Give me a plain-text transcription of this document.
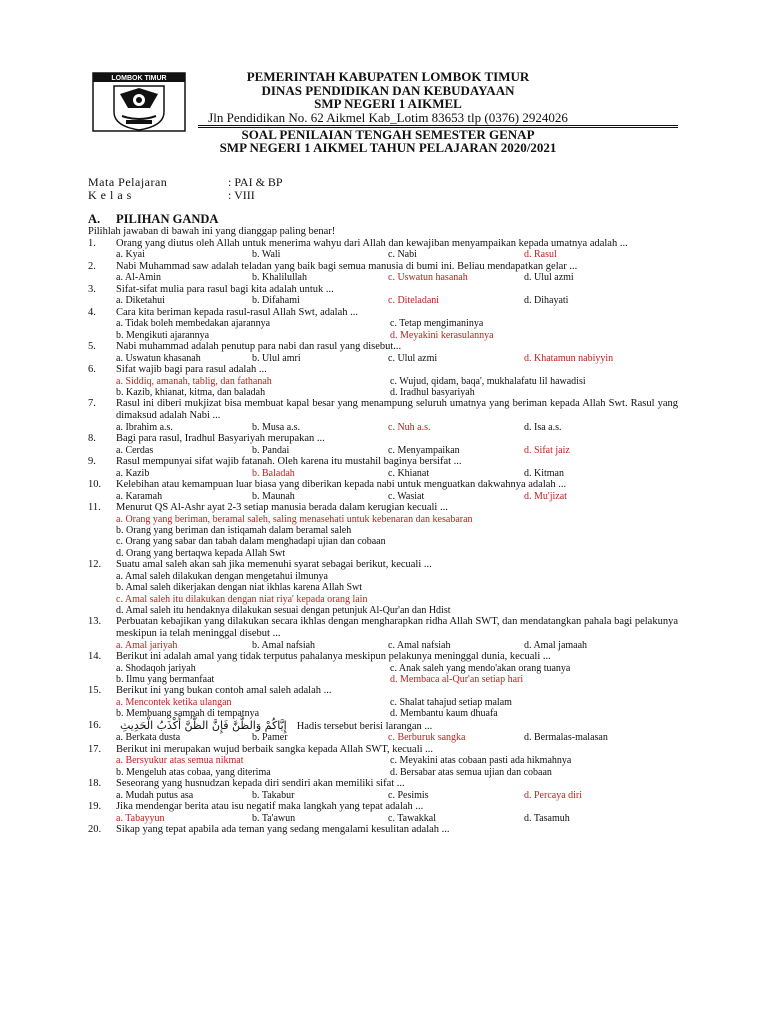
LOMBOK TIMUR	PEMERINTAH KABUPATEN LOMBOK TIMUR
DINAS PENDIDIKAN DAN KEBUDAYAAN
SMP NEGERI 1 AIKMEL
Jln Pendidikan No. 62 Aikmel Kab_Lotim 83653 tlp (0376) 2924026
SOAL PENILAIAN TENGAH SEMESTER GENAP
SMP NEGERI 1 AIKMEL TAHUN PELAJARAN 2020/2021
Mata Pelajaran	: PAI & BP
K e l a s	: VIII
A.	PILIHAN GANDA
Pilihlah jawaban di bawah ini yang dianggap paling benar!
1.	Orang yang diutus oleh Allah untuk menerima wahyu dari Allah dan kewajiban menyampaikan kepada umatnya adalah ...
a. Kyai	b. Wali	c. Nabi	d. Rasul
2.	Nabi Muhammad saw adalah teladan yang baik bagi semua manusia di bumi ini. Beliau mendapatkan gelar ...
a. Al-Amin	b. Khalilullah	c. Uswatun hasanah	d. Ulul azmi
3.	Sifat-sifat mulia para rasul bagi kita adalah untuk ...
a. Diketahui	b. Difahami	c. Diteladani	d. Dihayati
4.	Cara kita beriman kepada rasul-rasul Allah Swt, adalah ...
a. Tidak boleh membedakan ajarannya	c. Tetap mengimaninya
b. Mengikuti ajarannya	d. Meyakini kerasulannya
5.	Nabi muhammad adalah penutup para nabi dan rasul yang disebut...
a. Uswatun khasanah	b. Ulul amri	c. Ulul azmi	d. Khatamun nabiyyin
6.	Sifat wajib bagi para rasul adalah ...
a. Siddiq, amanah, tablig, dan fathanah	c. Wujud, qidam, baqa', mukhalafatu lil hawadisi
b. Kazib, khianat, kitma, dan baladah	d. Iradhul basyariyah
7.	Rasul ini diberi mukjizat bisa membuat kapal besar yang menampung seluruh umatnya yang beriman kepada Allah Swt. Rasul yang dimaksud adalah Nabi ...
a. Ibrahim a.s.	b. Musa a.s.	c. Nuh a.s.	d. Isa a.s.
8.	Bagi para rasul, Iradhul Basyariyah merupakan ...
a. Cerdas	b. Pandai	c. Menyampaikan	d. Sifat jaiz
9.	Rasul mempunyai sifat wajib fatanah. Oleh karena itu mustahil baginya bersifat ...
a. Kazib	b. Baladah	c. Khianat	d. Kitman
10.	Kelebihan atau kemampuan luar biasa yang diberikan kepada nabi untuk menguatkan dakwahnya adalah ...
a. Karamah	b. Maunah	c. Wasiat	d. Mu'jizat
11.	Menurut QS Al-Ashr ayat 2-3 setiap manusia berada dalam kerugian kecuali ...
a. Orang yang beriman, beramal saleh, saling menasehati untuk kebenaran dan kesabaran
b. Orang yang beriman dan istiqamah dalam beramal saleh
c. Orang yang sabar dan tabah dalam menghadapi ujian dan cobaan
d. Orang yang bertaqwa kepada Allah Swt
12.	Suatu amal saleh akan sah jika memenuhi syarat sebagai berikut, kecuali ...
a. Amal saleh dilakukan dengan mengetahui ilmunya
b. Amal saleh dikerjakan dengan niat ikhlas karena Allah Swt
c. Amal saleh itu dilakukan dengan niat riya' kepada orang lain
d. Amal saleh itu hendaknya dilakukan sesuai dengan petunjuk Al-Qur'an dan Hdist
13.	Perbuatan kebajikan yang dilakukan secara ikhlas dengan mengharapkan ridha Allah SWT, dan mendatangkan pahala bagi pelakunya meskipun ia telah meninggal disebut ...
a. Amal jariyah	b. Amal nafsiah	c. Amal nafsiah	d. Amal jamaah
14.	Berikut ini adalah amal yang tidak terputus pahalanya meskipun pelakunya meninggal dunia, kecuali ...
a. Shodaqoh jariyah	c. Anak saleh yang mendo'akan orang tuanya
b. Ilmu yang bermanfaat	d. Membaca al-Qur'an setiap hari
15.	Berikut ini yang bukan contoh amal saleh adalah ...
a. Mencontek ketika ulangan	c. Shalat tahajud setiap malam
b. Membuang sampah di tempatnya	d. Membantu kaum dhuafa
16.	إِيَّاكُمْ وَالظَّنَّ فَإِنَّ الظَّنَّ أَكْذَبُ الْحَدِيثِ Hadis tersebut berisi larangan ...
a. Berkata dusta	b. Pamer	c. Berburuk sangka	d. Bermalas-malasan
17.	Berikut ini merupakan wujud berbaik sangka kepada Allah SWT, kecuali ...
a. Bersyukur atas semua nikmat	c. Meyakini atas cobaan pasti ada hikmahnya
b. Mengeluh atas cobaa, yang diterima	d. Bersabar atas semua ujian dan cobaan
18.	Seseorang yang husnudzan kepada diri sendiri akan memiliki sifat ...
a. Mudah putus asa	b. Takabur	c. Pesimis	d. Percaya diri
19.	Jika mendengar berita atau isu negatif maka langkah yang tepat adalah ...
a. Tabayyun	b. Ta'awun	c. Tawakkal	d. Tasamuh
20.	Sikap yang tepat apabila ada teman yang sedang mengalami kesulitan adalah ...
